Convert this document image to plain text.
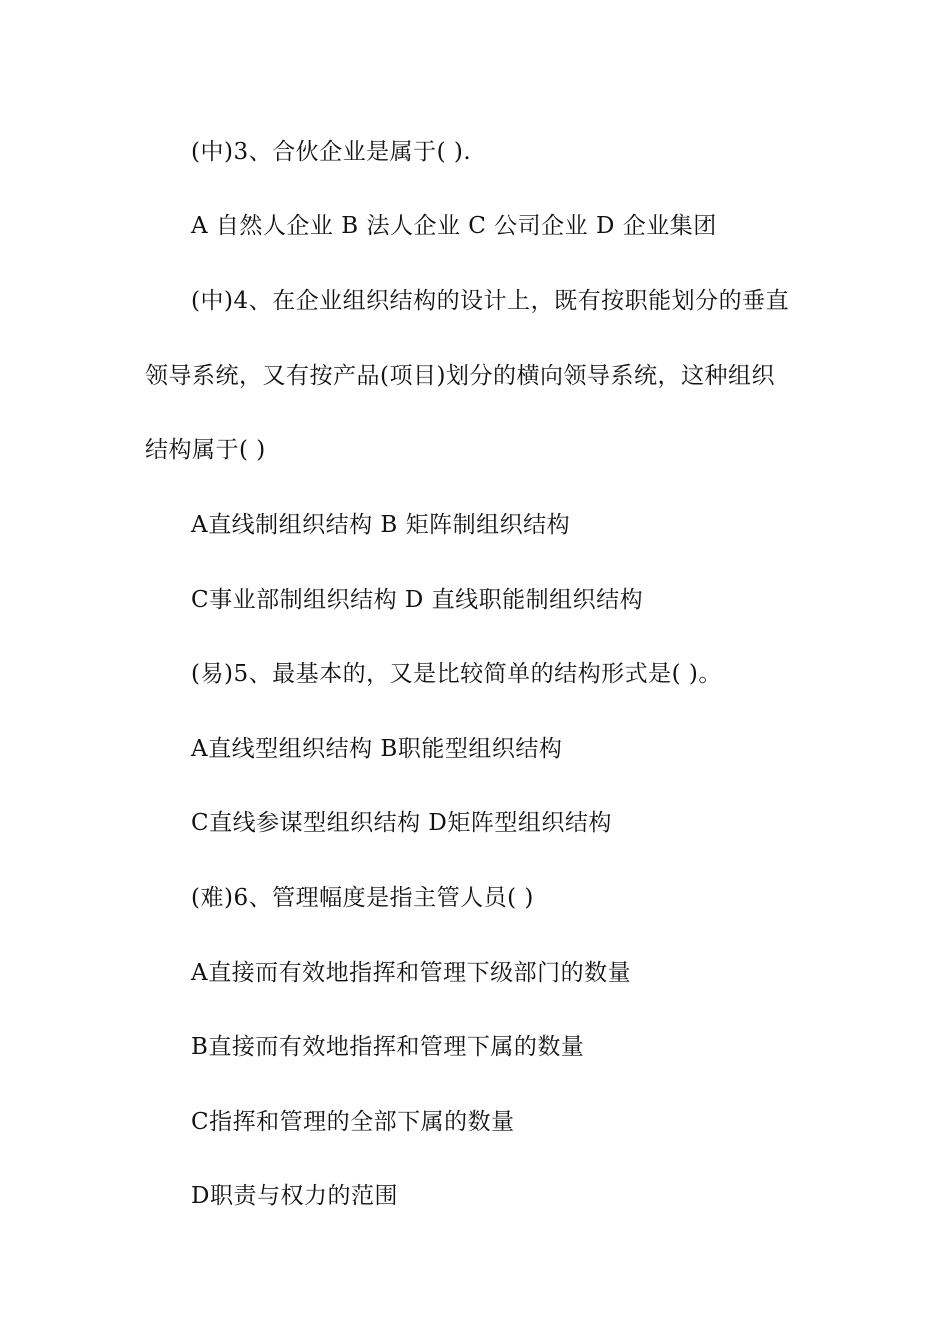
(中)3、合伙企业是属于( ).
A 自然人企业 B 法人企业 C 公司企业 D 企业集团
(中)4、在企业组织结构的设计上，既有按职能划分的垂直
领导系统，又有按产品(项目)划分的横向领导系统，这种组织
结构属于( )
A直线制组织结构 B 矩阵制组织结构
C事业部制组织结构 D 直线职能制组织结构
(易)5、最基本的，又是比较简单的结构形式是( )。
A直线型组织结构 B职能型组织结构
C直线参谋型组织结构 D矩阵型组织结构
(难)6、管理幅度是指主管人员( )
A直接而有效地指挥和管理下级部门的数量
B直接而有效地指挥和管理下属的数量
C指挥和管理的全部下属的数量
D职责与权力的范围
